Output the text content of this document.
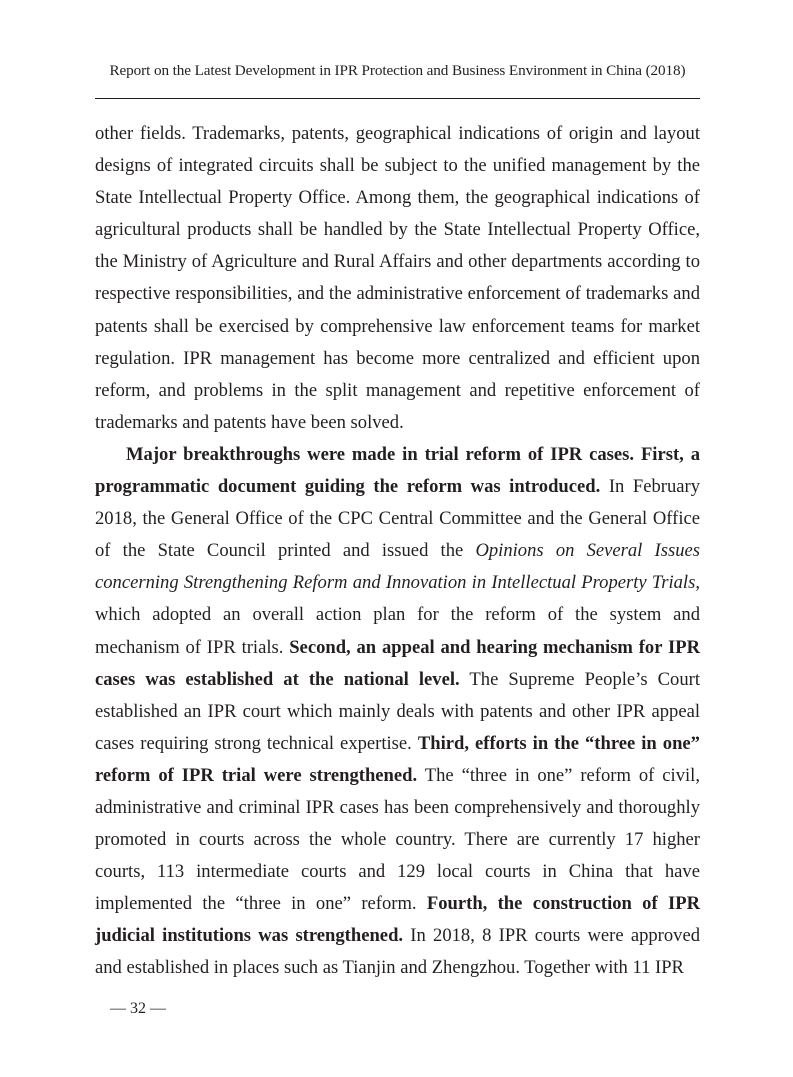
Report on the Latest Development in IPR Protection and Business Environment in China (2018)

other fields. Trademarks, patents, geographical indications of origin and layout designs of integrated circuits shall be subject to the unified management by the State Intellectual Property Office. Among them, the geographical indications of agricultural products shall be handled by the State Intellectual Property Office, the Ministry of Agriculture and Rural Affairs and other departments according to respective responsibilities, and the administrative enforcement of trademarks and patents shall be exercised by comprehensive law enforcement teams for market regulation. IPR management has become more centralized and efficient upon reform, and problems in the split management and repetitive enforcement of trademarks and patents have been solved.

Major breakthroughs were made in trial reform of IPR cases. First, a programmatic document guiding the reform was introduced. In February 2018, the General Office of the CPC Central Committee and the General Office of the State Council printed and issued the Opinions on Several Issues concerning Strengthening Reform and Innovation in Intellectual Property Trials, which adopted an overall action plan for the reform of the system and mechanism of IPR trials. Second, an appeal and hearing mechanism for IPR cases was established at the national level. The Supreme People’s Court established an IPR court which mainly deals with patents and other IPR appeal cases requiring strong technical expertise. Third, efforts in the “three in one” reform of IPR trial were strengthened. The “three in one” reform of civil, administrative and criminal IPR cases has been comprehensively and thoroughly promoted in courts across the whole country. There are currently 17 higher courts, 113 intermediate courts and 129 local courts in China that have implemented the “three in one” reform. Fourth, the construction of IPR judicial institutions was strengthened. In 2018, 8 IPR courts were approved and established in places such as Tianjin and Zhengzhou. Together with 11 IPR

— 32 —
